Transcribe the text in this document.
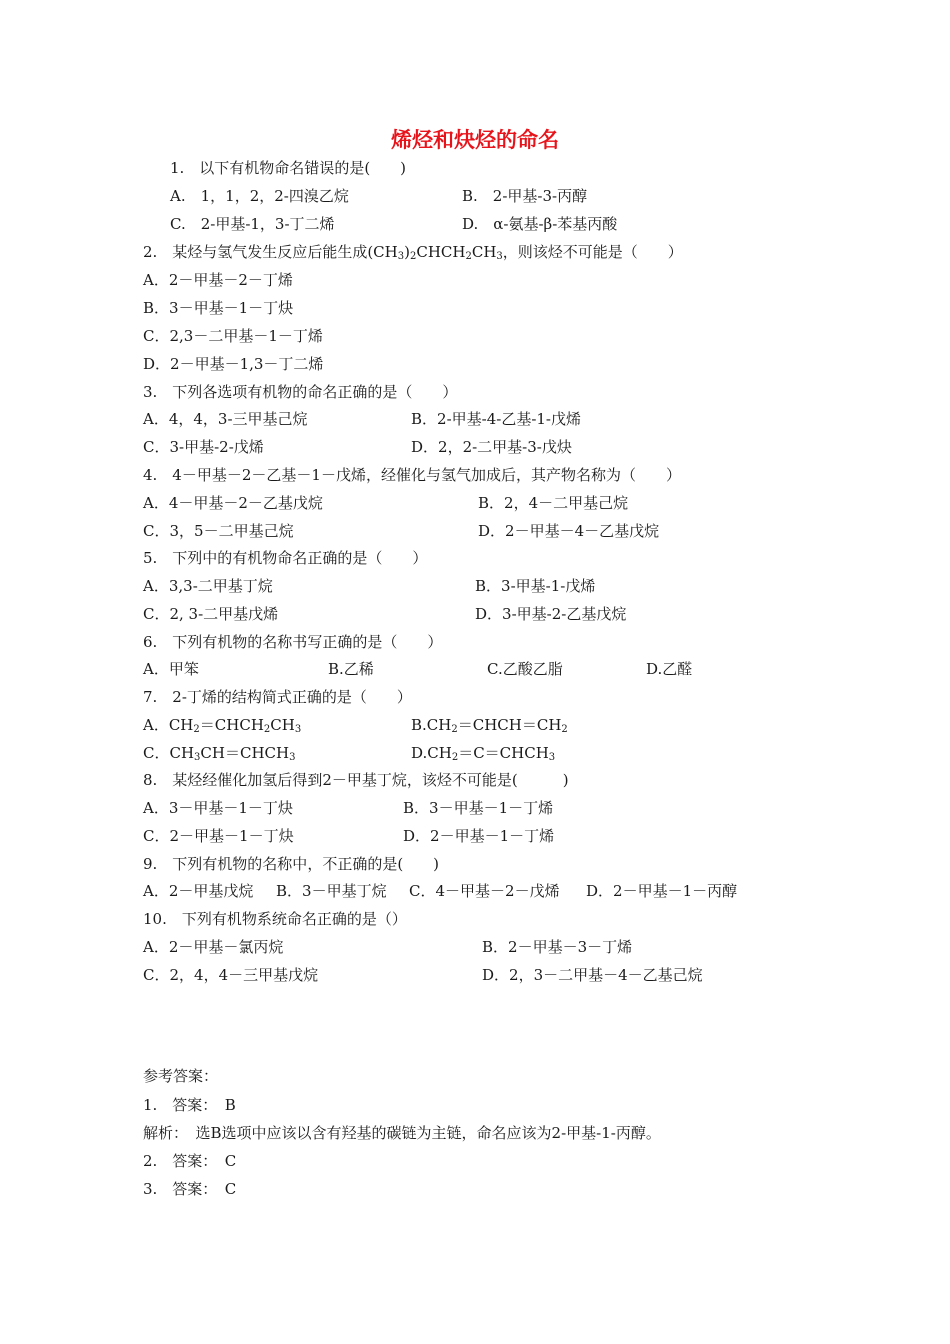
烯烃和炔烃的命名
1.　以下有机物命名错误的是(　　)
A.　1，1，2，2-四溴乙烷	B.　2-甲基-3-丙醇
C.　2-甲基-1，3-丁二烯	D.　α-氨基-β-苯基丙酸
2.　某烃与氢气发生反应后能生成$(CH_3)_2CHCH_2CH_3$，则该烃不可能是（　　）
A．2－甲基－2－丁烯
B．3－甲基－1－丁炔
C．2,3－二甲基－1－丁烯
D．2－甲基－1,3－丁二烯
3.　下列各选项有机物的命名正确的是（　　）
A．4，4，3-三甲基己烷	B．2-甲基-4-乙基-1-戊烯
C．3-甲基-2-戊烯	D．2，2-二甲基-3-戊炔
4.　4－甲基－2－乙基－1－戊烯，经催化与氢气加成后，其产物名称为（　　）
A．4－甲基－2－乙基戊烷	B．2，4－二甲基己烷
C．3，5－二甲基己烷	D．2－甲基－4－乙基戊烷
5.　下列中的有机物命名正确的是（　　）
A．3,3-二甲基丁烷	B．3-甲基-1-戊烯
C．2, 3-二甲基戊烯	D．3-甲基-2-乙基戊烷
6.　下列有机物的名称书写正确的是（　　）
A．甲笨	B.乙稀	C.乙酸乙脂	D.乙醛
7.　2-丁烯的结构简式正确的是（　　）
A．$CH_2=CHCH_2CH_3$	$B.CH_2=CHCH=CH_2$
C．$CH_3CH=CHCH_3$	$D.CH_2=C=CHCH_3$
8.　某烃经催化加氢后得到2－甲基丁烷，该烃不可能是(　　　)
A．3－甲基－1－丁炔	B．3－甲基－1－丁烯
C．2－甲基－1－丁炔	D．2－甲基－1－丁烯
9.　下列有机物的名称中，不正确的是(　　)
A．2－甲基戊烷 B．3－甲基丁烷 C．4－甲基－2－戊烯 D．2－甲基－1－丙醇
10.　下列有机物系统命名正确的是（）
A．2－甲基－氯丙烷	B．2－甲基－3－丁烯
C．2，4，4－三甲基戊烷	D．2，3－二甲基－4－乙基己烷
参考答案：
1.　答案：　B
解析：　选B选项中应该以含有羟基的碳链为主链，命名应该为2-甲基-1-丙醇。
2.　答案：　C
3.　答案：　C
